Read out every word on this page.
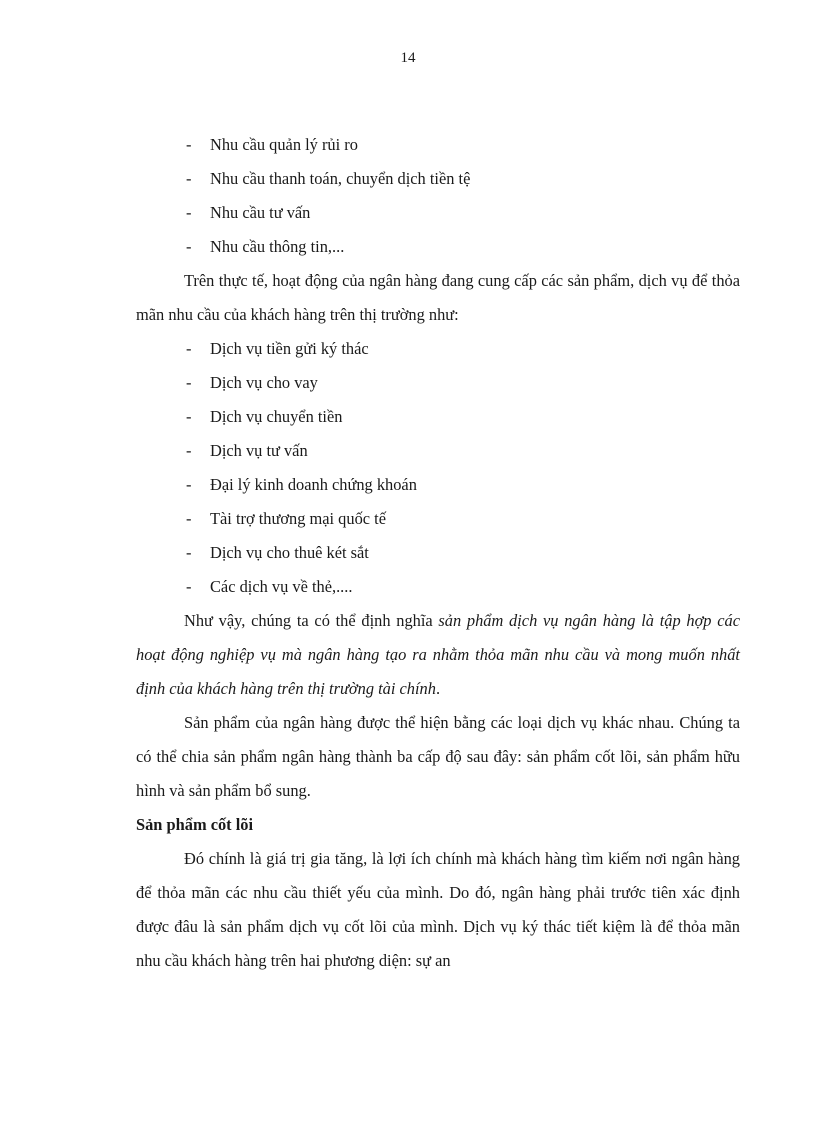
14
- Nhu cầu quản lý rủi ro
- Nhu cầu thanh toán, chuyển dịch tiền tệ
- Nhu cầu tư vấn
- Nhu cầu thông tin,...

Trên thực tế, hoạt động của ngân hàng đang cung cấp các sản phẩm, dịch vụ để thỏa mãn nhu cầu của khách hàng trên thị trường như:

- Dịch vụ tiền gửi ký thác
- Dịch vụ cho vay
- Dịch vụ chuyển tiền
- Dịch vụ tư vấn
- Đại lý kinh doanh chứng khoán
- Tài trợ thương mại quốc tế
- Dịch vụ cho thuê két sắt
- Các dịch vụ về thẻ,....

Như vậy, chúng ta có thể định nghĩa sản phẩm dịch vụ ngân hàng là tập hợp các hoạt động nghiệp vụ mà ngân hàng tạo ra nhằm thỏa mãn nhu cầu và mong muốn nhất định của khách hàng trên thị trường tài chính.

Sản phẩm của ngân hàng được thể hiện bằng các loại dịch vụ khác nhau. Chúng ta có thể chia sản phẩm ngân hàng thành ba cấp độ sau đây: sản phẩm cốt lõi, sản phẩm hữu hình và sản phẩm bổ sung.

Sản phẩm cốt lõi

Đó chính là giá trị gia tăng, là lợi ích chính mà khách hàng tìm kiếm nơi ngân hàng để thỏa mãn các nhu cầu thiết yếu của mình. Do đó, ngân hàng phải trước tiên xác định được đâu là sản phẩm dịch vụ cốt lõi của mình. Dịch vụ ký thác tiết kiệm là để thỏa mãn nhu cầu khách hàng trên hai phương diện: sự an
